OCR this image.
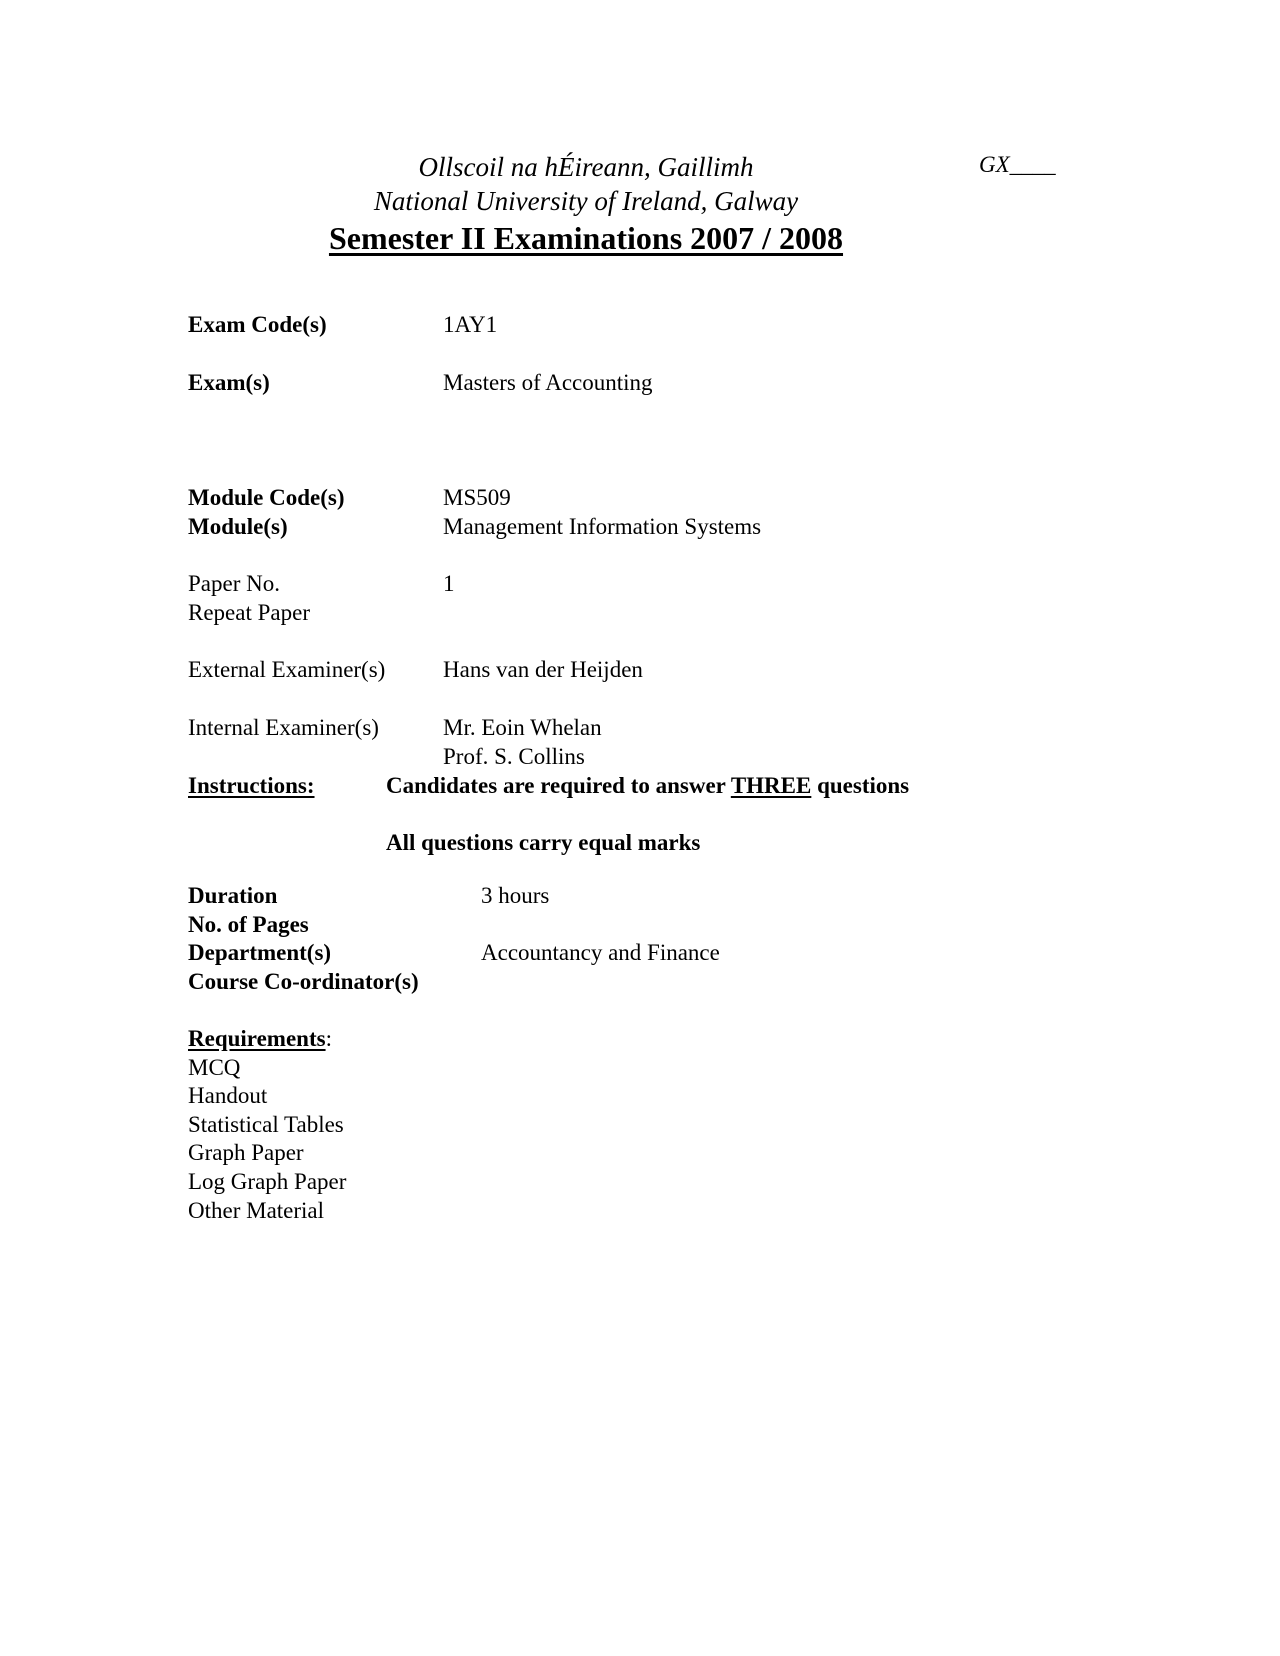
Ollscoil na hÉireann, Gaillimh
National University of Ireland, Galway
GX____
Semester II Examinations 2007 / 2008
Exam Code(s)	1AY1
Exam(s)	Masters of Accounting
Module Code(s)	MS509
Module(s)	Management Information Systems
Paper No.	1
Repeat Paper
External Examiner(s)	Hans van der Heijden
Internal Examiner(s)	Mr. Eoin Whelan
Prof. S. Collins
Instructions:	Candidates are required to answer THREE questions
All questions carry equal marks
Duration	3 hours
No. of Pages
Department(s)	Accountancy and Finance
Course Co-ordinator(s)
Requirements:
MCQ
Handout
Statistical Tables
Graph Paper
Log Graph Paper
Other Material
